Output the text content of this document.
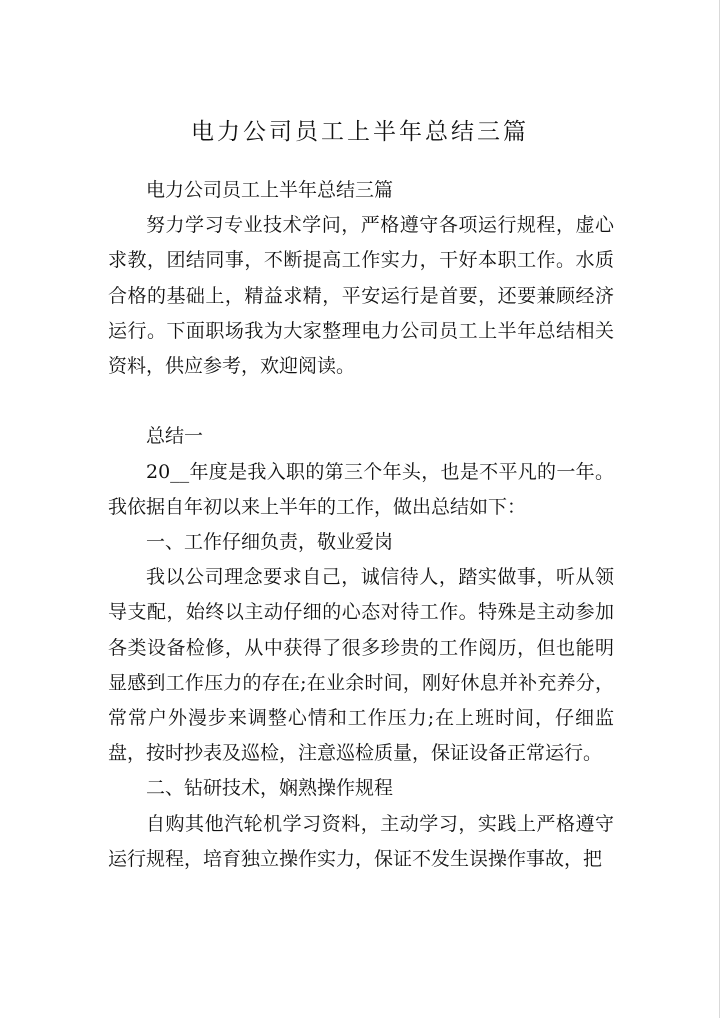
电力公司员工上半年总结三篇

电力公司员工上半年总结三篇

努力学习专业技术学问，严格遵守各项运行规程，虚心求教，团结同事，不断提高工作实力，干好本职工作。水质合格的基础上，精益求精，平安运行是首要，还要兼顾经济运行。下面职场我为大家整理电力公司员工上半年总结相关资料，供应参考，欢迎阅读。

总结一

20__年度是我入职的第三个年头，也是不平凡的一年。我依据自年初以来上半年的工作，做出总结如下：

一、工作仔细负责，敬业爱岗

我以公司理念要求自己，诚信待人，踏实做事，听从领导支配，始终以主动仔细的心态对待工作。特殊是主动参加各类设备检修，从中获得了很多珍贵的工作阅历，但也能明显感到工作压力的存在;在业余时间，刚好休息并补充养分，常常户外漫步来调整心情和工作压力;在上班时间，仔细监盘，按时抄表及巡检，注意巡检质量，保证设备正常运行。

二、钻研技术，娴熟操作规程

自购其他汽轮机学习资料，主动学习，实践上严格遵守运行规程，培育独立操作实力，保证不发生误操作事故，把
